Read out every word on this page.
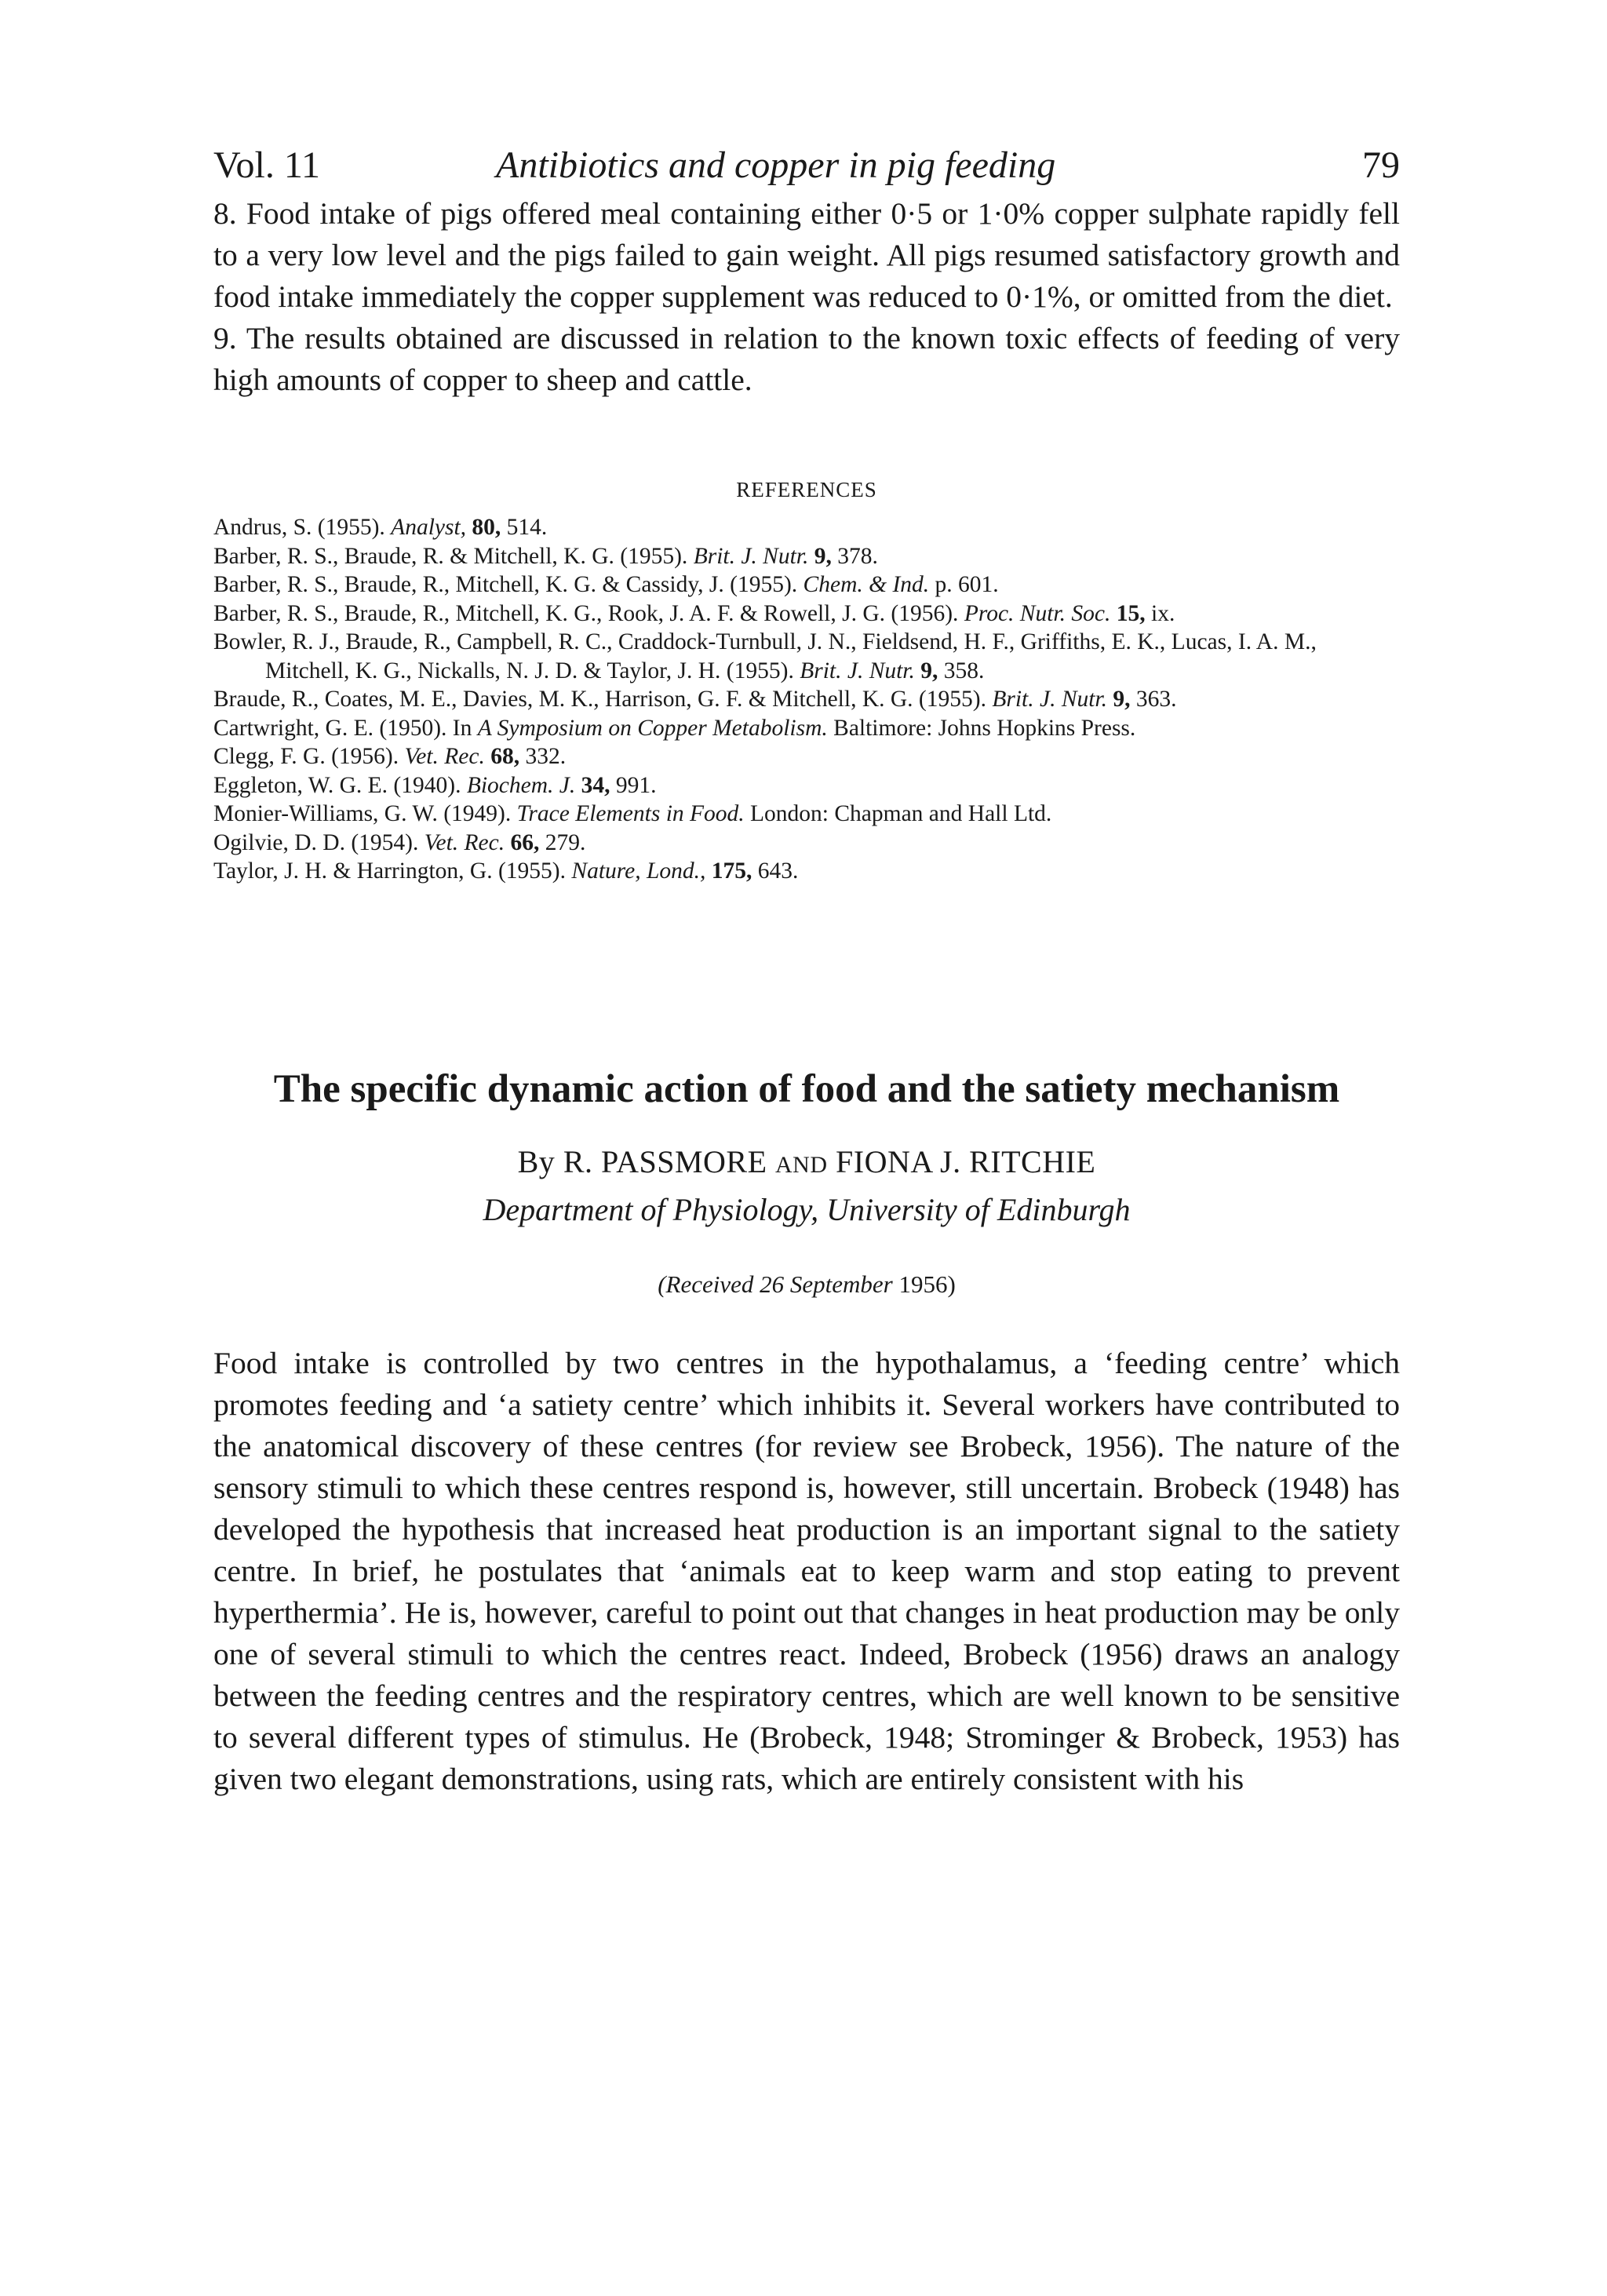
Vol. 11	Antibiotics and copper in pig feeding	79

8. Food intake of pigs offered meal containing either 0·5 or 1·0% copper sulphate rapidly fell to a very low level and the pigs failed to gain weight. All pigs resumed satisfactory growth and food intake immediately the copper supplement was reduced to 0·1%, or omitted from the diet.

9. The results obtained are discussed in relation to the known toxic effects of feeding of very high amounts of copper to sheep and cattle.

REFERENCES

Andrus, S. (1955). Analyst, 80, 514.

Barber, R. S., Braude, R. & Mitchell, K. G. (1955). Brit. J. Nutr. 9, 378.

Barber, R. S., Braude, R., Mitchell, K. G. & Cassidy, J. (1955). Chem. & Ind. p. 601.

Barber, R. S., Braude, R., Mitchell, K. G., Rook, J. A. F. & Rowell, J. G. (1956). Proc. Nutr. Soc. 15, ix.

Bowler, R. J., Braude, R., Campbell, R. C., Craddock-Turnbull, J. N., Fieldsend, H. F., Griffiths, E. K., Lucas, I. A. M., Mitchell, K. G., Nickalls, N. J. D. & Taylor, J. H. (1955). Brit. J. Nutr. 9, 358.

Braude, R., Coates, M. E., Davies, M. K., Harrison, G. F. & Mitchell, K. G. (1955). Brit. J. Nutr. 9, 363.

Cartwright, G. E. (1950). In A Symposium on Copper Metabolism. Baltimore: Johns Hopkins Press.

Clegg, F. G. (1956). Vet. Rec. 68, 332.

Eggleton, W. G. E. (1940). Biochem. J. 34, 991.

Monier-Williams, G. W. (1949). Trace Elements in Food. London: Chapman and Hall Ltd.

Ogilvie, D. D. (1954). Vet. Rec. 66, 279.

Taylor, J. H. & Harrington, G. (1955). Nature, Lond., 175, 643.

The specific dynamic action of food and the satiety mechanism
By R. PASSMORE AND FIONA J. RITCHIE
Department of Physiology, University of Edinburgh
(Received 26 September 1956)

Food intake is controlled by two centres in the hypothalamus, a ‘feeding centre’ which promotes feeding and ‘a satiety centre’ which inhibits it. Several workers have contributed to the anatomical discovery of these centres (for review see Brobeck, 1956). The nature of the sensory stimuli to which these centres respond is, however, still uncertain. Brobeck (1948) has developed the hypothesis that increased heat production is an important signal to the satiety centre. In brief, he postulates that ‘animals eat to keep warm and stop eating to prevent hyperthermia’. He is, however, careful to point out that changes in heat production may be only one of several stimuli to which the centres react. Indeed, Brobeck (1956) draws an analogy between the feeding centres and the respiratory centres, which are well known to be sensitive to several different types of stimulus. He (Brobeck, 1948; Strominger & Brobeck, 1953) has given two elegant demonstrations, using rats, which are entirely consistent with his
